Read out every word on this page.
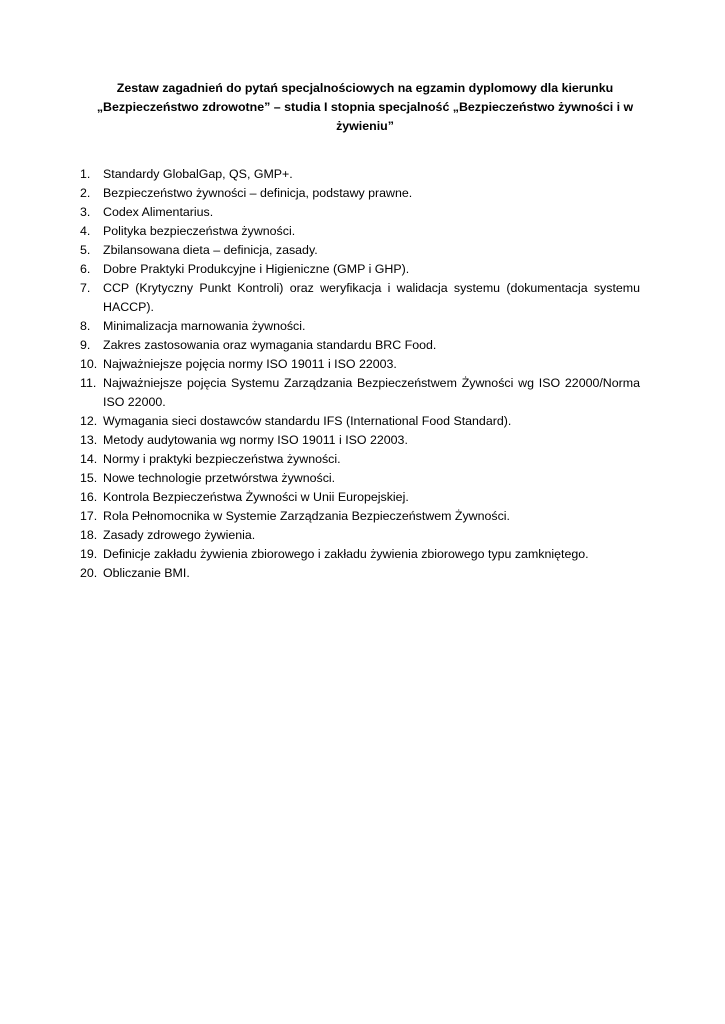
Zestaw zagadnień do pytań specjalnościowych na egzamin dyplomowy dla kierunku
„Bezpieczeństwo zdrowotne” – studia I stopnia specjalność „Bezpieczeństwo żywności i w
żywieniu”
1. Standardy GlobalGap, QS, GMP+.
2. Bezpieczeństwo żywności – definicja, podstawy prawne.
3. Codex Alimentarius.
4. Polityka bezpieczeństwa żywności.
5. Zbilansowana dieta – definicja, zasady.
6. Dobre Praktyki Produkcyjne i Higieniczne (GMP i GHP).
7. CCP (Krytyczny Punkt Kontroli) oraz weryfikacja i walidacja systemu (dokumentacja systemu HACCP).
8. Minimalizacja marnowania żywności.
9. Zakres zastosowania oraz wymagania standardu BRC Food.
10. Najważniejsze pojęcia normy ISO 19011 i ISO 22003.
11. Najważniejsze pojęcia Systemu Zarządzania Bezpieczeństwem Żywności wg ISO 22000/Norma ISO 22000.
12. Wymagania sieci dostawców standardu IFS (International Food Standard).
13. Metody audytowania wg normy ISO 19011 i ISO 22003.
14. Normy i praktyki bezpieczeństwa żywności.
15. Nowe technologie przetwórstwa żywności.
16. Kontrola Bezpieczeństwa Żywności w Unii Europejskiej.
17. Rola Pełnomocnika w Systemie Zarządzania Bezpieczeństwem Żywności.
18. Zasady zdrowego żywienia.
19. Definicje zakładu żywienia zbiorowego i zakładu żywienia zbiorowego typu zamkniętego.
20. Obliczanie BMI.
